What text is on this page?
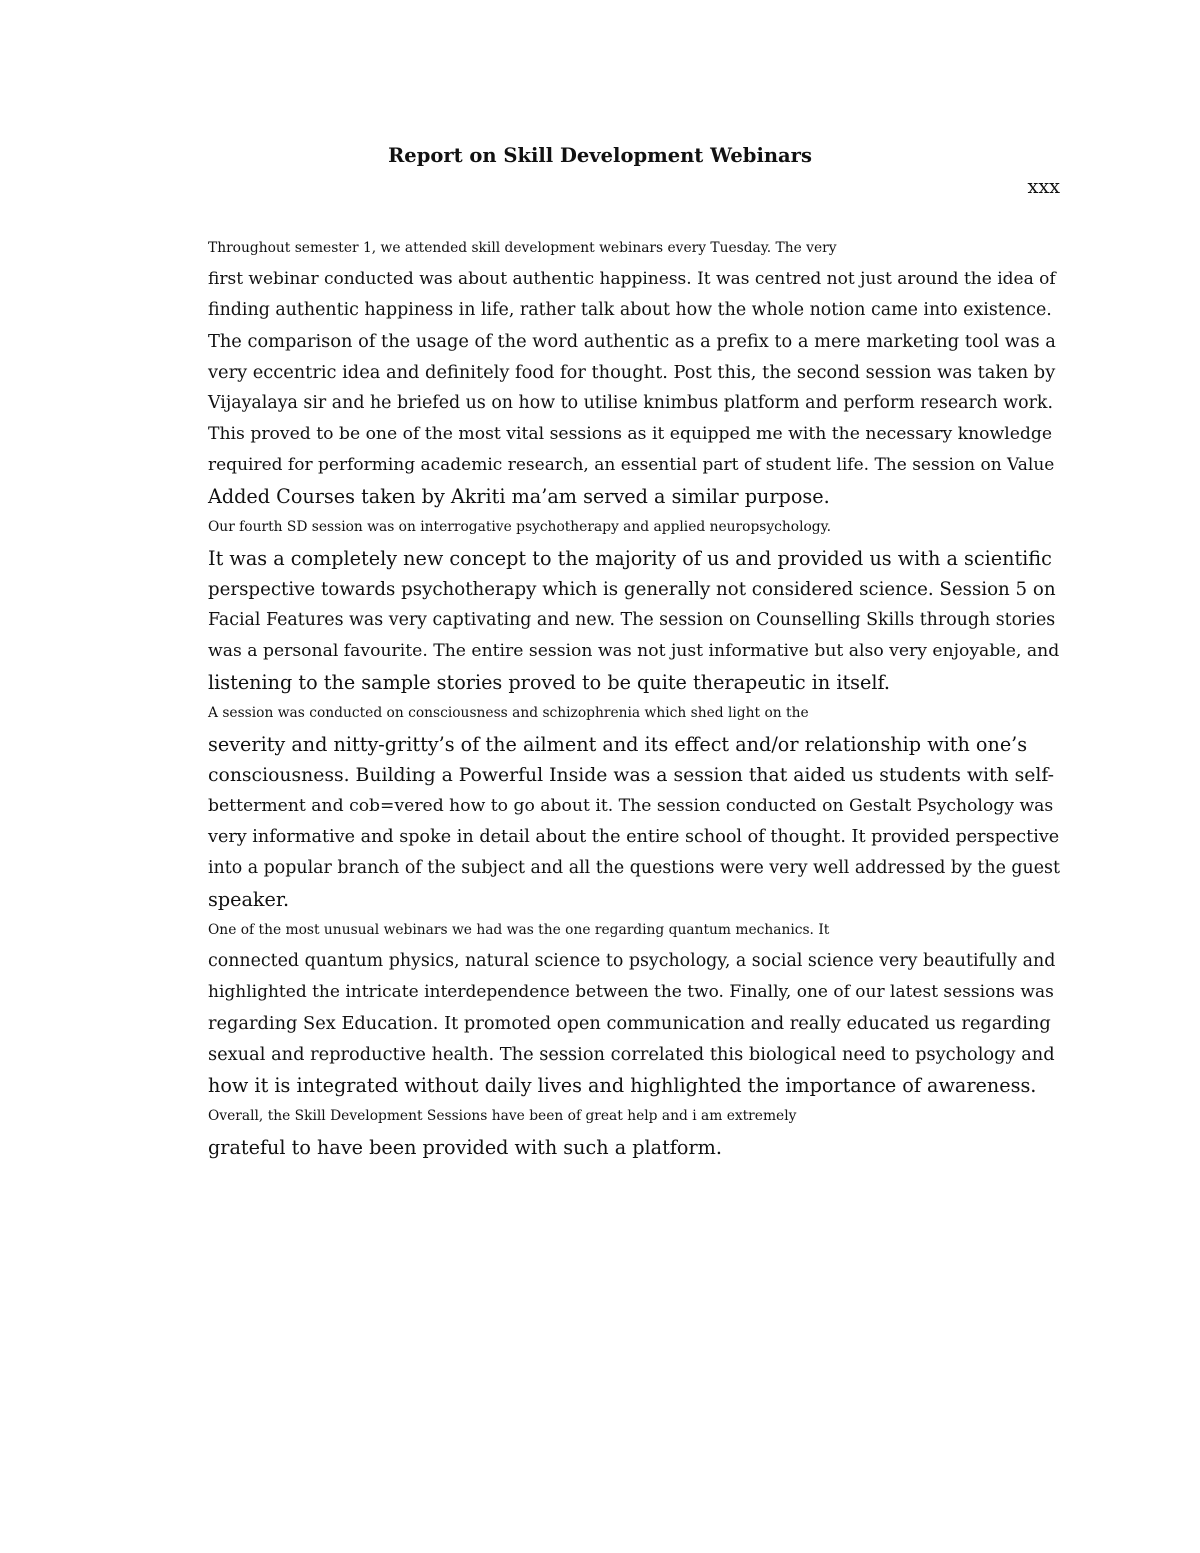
Report on Skill Development Webinars
xxx

Throughout semester 1, we attended skill development webinars every Tuesday. The very
first webinar conducted was about authentic happiness. It was centred not just around the idea of
finding authentic happiness in life, rather talk about how the whole notion came into existence.
The comparison of the usage of the word authentic as a prefix to a mere marketing tool was a
very eccentric idea and definitely food for thought. Post this, the second session was taken by
Vijayalaya sir and he briefed us on how to utilise knimbus platform and perform research work.
This proved to be one of the most vital sessions as it equipped me with the necessary knowledge
required for performing academic research, an essential part of student life. The session on Value
Added Courses taken by Akriti ma’am served a similar purpose.

Our fourth SD session was on interrogative psychotherapy and applied neuropsychology.
It was a completely new concept to the majority of us and provided us with a scientific
perspective towards psychotherapy which is generally not considered science. Session 5 on
Facial Features was very captivating and new. The session on Counselling Skills through stories
was a personal favourite. The entire session was not just informative but also very enjoyable, and
listening to the sample stories proved to be quite therapeutic in itself.

A session was conducted on consciousness and schizophrenia which shed light on the
severity and nitty-gritty’s of the ailment and its effect and/or relationship with one’s
consciousness. Building a Powerful Inside was a session that aided us students with self-
betterment and cob=vered how to go about it. The session conducted on Gestalt Psychology was
very informative and spoke in detail about the entire school of thought. It provided perspective
into a popular branch of the subject and all the questions were very well addressed by the guest
speaker.

One of the most unusual webinars we had was the one regarding quantum mechanics. It
connected quantum physics, natural science to psychology, a social science very beautifully and
highlighted the intricate interdependence between the two. Finally, one of our latest sessions was
regarding Sex Education. It promoted open communication and really educated us regarding
sexual and reproductive health. The session correlated this biological need to psychology and
how it is integrated without daily lives and highlighted the importance of awareness.

Overall, the Skill Development Sessions have been of great help and i am extremely
grateful to have been provided with such a platform.
